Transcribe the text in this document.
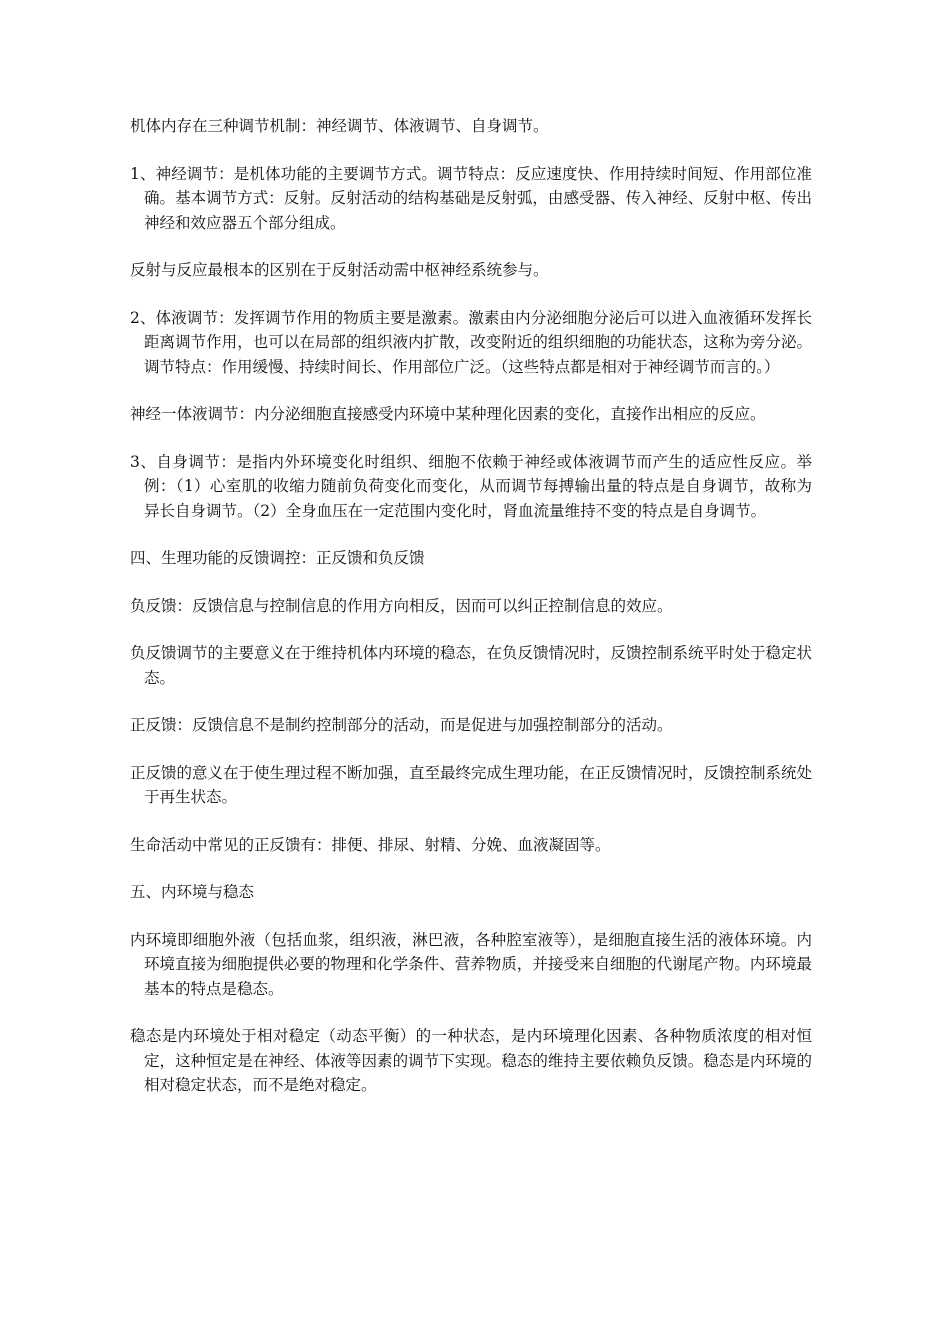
机体内存在三种调节机制：神经调节、体液调节、自身调节。

1、神经调节：是机体功能的主要调节方式。调节特点：反应速度快、作用持续时间短、作用部位准确。基本调节方式：反射。反射活动的结构基础是反射弧，由感受器、传入神经、反射中枢、传出神经和效应器五个部分组成。

反射与反应最根本的区别在于反射活动需中枢神经系统参与。

2、体液调节：发挥调节作用的物质主要是激素。激素由内分泌细胞分泌后可以进入血液循环发挥长距离调节作用，也可以在局部的组织液内扩散，改变附近的组织细胞的功能状态，这称为旁分泌。调节特点：作用缓慢、持续时间长、作用部位广泛。（这些特点都是相对于神经调节而言的。）

神经一体液调节：内分泌细胞直接感受内环境中某种理化因素的变化，直接作出相应的反应。

3、自身调节：是指内外环境变化时组织、细胞不依赖于神经或体液调节而产生的适应性反应。举例：（1）心室肌的收缩力随前负荷变化而变化，从而调节每搏输出量的特点是自身调节，故称为异长自身调节。（2）全身血压在一定范围内变化时，肾血流量维持不变的特点是自身调节。

四、生理功能的反馈调控：正反馈和负反馈

负反馈：反馈信息与控制信息的作用方向相反，因而可以纠正控制信息的效应。

负反馈调节的主要意义在于维持机体内环境的稳态，在负反馈情况时，反馈控制系统平时处于稳定状态。

正反馈：反馈信息不是制约控制部分的活动，而是促进与加强控制部分的活动。

正反馈的意义在于使生理过程不断加强，直至最终完成生理功能，在正反馈情况时，反馈控制系统处于再生状态。

生命活动中常见的正反馈有：排便、排尿、射精、分娩、血液凝固等。

五、内环境与稳态

内环境即细胞外液（包括血浆，组织液，淋巴液，各种腔室液等），是细胞直接生活的液体环境。内环境直接为细胞提供必要的物理和化学条件、营养物质，并接受来自细胞的代谢尾产物。内环境最基本的特点是稳态。

稳态是内环境处于相对稳定（动态平衡）的一种状态，是内环境理化因素、各种物质浓度的相对恒定，这种恒定是在神经、体液等因素的调节下实现。稳态的维持主要依赖负反馈。稳态是内环境的相对稳定状态，而不是绝对稳定。
